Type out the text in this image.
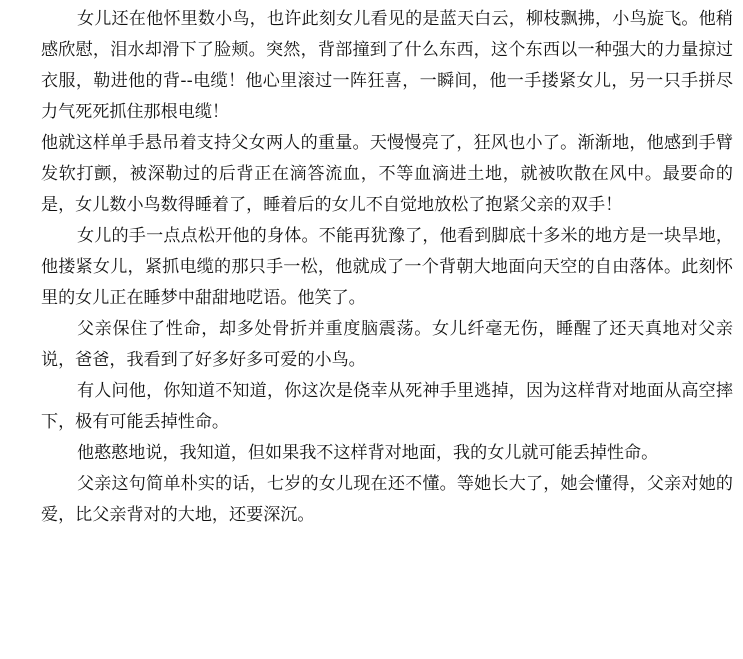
女儿还在他怀里数小鸟，也许此刻女儿看见的是蓝天白云，柳枝飘拂，小鸟旋飞。他稍感欣慰，泪水却滑下了脸颊。突然，背部撞到了什么东西，这个东西以一种强大的力量掠过衣服，勒进他的背--电缆！他心里滚过一阵狂喜，一瞬间，他一手搂紧女儿，另一只手拼尽力气死死抓住那根电缆！

他就这样单手悬吊着支持父女两人的重量。天慢慢亮了，狂风也小了。渐渐地，他感到手臂发软打颤，被深勒过的后背正在滴答流血，不等血滴进土地，就被吹散在风中。最要命的是，女儿数小鸟数得睡着了，睡着后的女儿不自觉地放松了抱紧父亲的双手！

女儿的手一点点松开他的身体。不能再犹豫了，他看到脚底十多米的地方是一块旱地，他搂紧女儿，紧抓电缆的那只手一松，他就成了一个背朝大地面向天空的自由落体。此刻怀里的女儿正在睡梦中甜甜地呓语。他笑了。

父亲保住了性命，却多处骨折并重度脑震荡。女儿纤毫无伤，睡醒了还天真地对父亲说，爸爸，我看到了好多好多可爱的小鸟。

有人问他，你知道不知道，你这次是侥幸从死神手里逃掉，因为这样背对地面从高空摔下，极有可能丢掉性命。

他憨憨地说，我知道，但如果我不这样背对地面，我的女儿就可能丢掉性命。

父亲这句简单朴实的话，七岁的女儿现在还不懂。等她长大了，她会懂得，父亲对她的爱，比父亲背对的大地，还要深沉。
